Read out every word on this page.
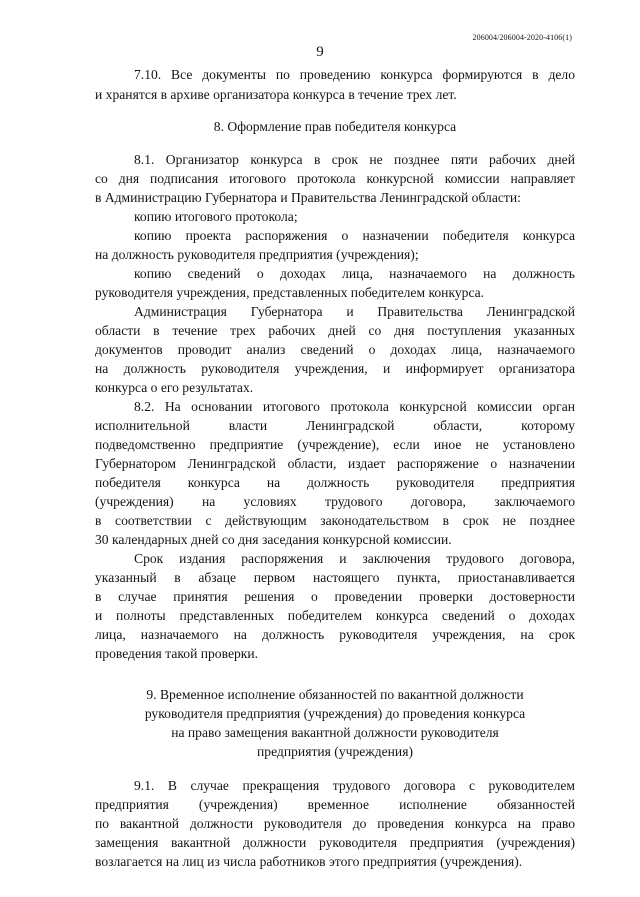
206004/206004-2020-4106(1)
9
7.10. Все документы по проведению конкурса формируются в дело
и хранятся в архиве организатора конкурса в течение трех лет.
8. Оформление прав победителя конкурса
8.1. Организатор конкурса в срок не позднее пяти рабочих дней
со дня подписания итогового протокола конкурсной комиссии направляет
в Администрацию Губернатора и Правительства Ленинградской области:
копию итогового протокола;
копию проекта распоряжения о назначении победителя конкурса
на должность руководителя предприятия (учреждения);
копию сведений о доходах лица, назначаемого на должность
руководителя учреждения, представленных победителем конкурса.
Администрация Губернатора и Правительства Ленинградской
области в течение трех рабочих дней со дня поступления указанных
документов проводит анализ сведений о доходах лица, назначаемого
на должность руководителя учреждения, и информирует организатора
конкурса о его результатах.
8.2. На основании итогового протокола конкурсной комиссии орган
исполнительной власти Ленинградской области, которому
подведомственно предприятие (учреждение), если иное не установлено
Губернатором Ленинградской области, издает распоряжение о назначении
победителя конкурса на должность руководителя предприятия
(учреждения) на условиях трудового договора, заключаемого
в соответствии с действующим законодательством в срок не позднее
30 календарных дней со дня заседания конкурсной комиссии.
Срок издания распоряжения и заключения трудового договора,
указанный в абзаце первом настоящего пункта, приостанавливается
в случае принятия решения о проведении проверки достоверности
и полноты представленных победителем конкурса сведений о доходах
лица, назначаемого на должность руководителя учреждения, на срок
проведения такой проверки.
9. Временное исполнение обязанностей по вакантной должности
руководителя предприятия (учреждения) до проведения конкурса
на право замещения вакантной должности руководителя
предприятия (учреждения)
9.1. В случае прекращения трудового договора с руководителем
предприятия (учреждения) временное исполнение обязанностей
по вакантной должности руководителя до проведения конкурса на право
замещения вакантной должности руководителя предприятия (учреждения)
возлагается на лиц из числа работников этого предприятия (учреждения).
